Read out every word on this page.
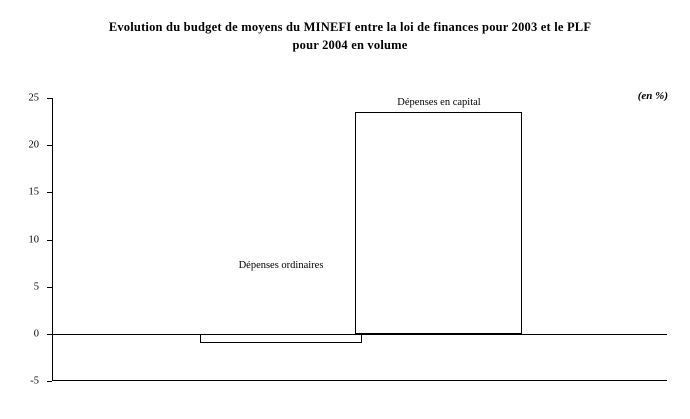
Evolution du budget de moyens du MINEFI entre la loi de finances pour 2003 et le PLF
pour 2004 en volume
(en %)
25
20
15
10
5
0
-5
Dépenses ordinaires
Dépenses en capital
